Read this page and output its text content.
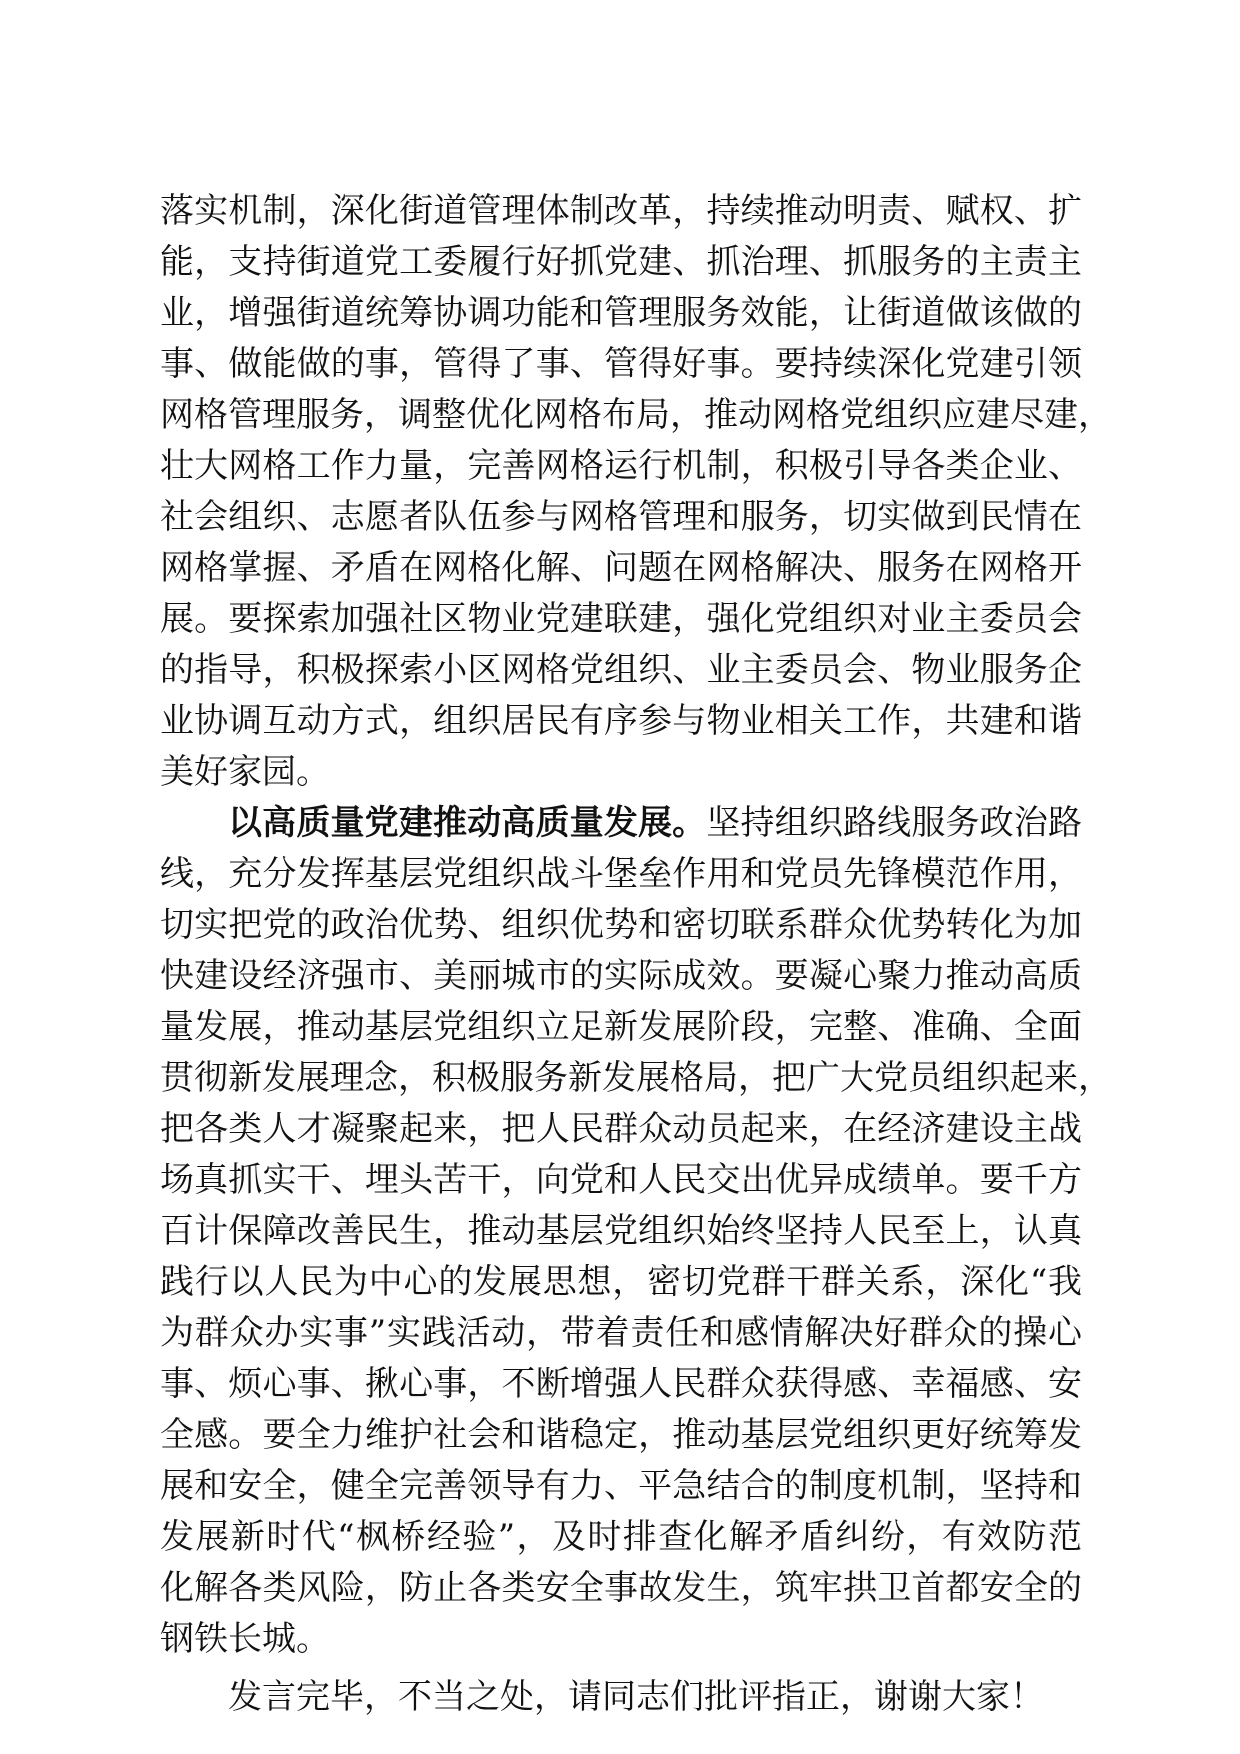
落实机制，深化街道管理体制改革，持续推动明责、赋权、扩
能，支持街道党工委履行好抓党建、抓治理、抓服务的主责主
业，增强街道统筹协调功能和管理服务效能，让街道做该做的
事、做能做的事，管得了事、管得好事。要持续深化党建引领
网格管理服务，调整优化网格布局，推动网格党组织应建尽建，
壮大网格工作力量，完善网格运行机制，积极引导各类企业、
社会组织、志愿者队伍参与网格管理和服务，切实做到民情在
网格掌握、矛盾在网格化解、问题在网格解决、服务在网格开
展。要探索加强社区物业党建联建，强化党组织对业主委员会
的指导，积极探索小区网格党组织、业主委员会、物业服务企
业协调互动方式，组织居民有序参与物业相关工作，共建和谐
美好家园。
以高质量党建推动高质量发展。坚持组织路线服务政治路
线，充分发挥基层党组织战斗堡垒作用和党员先锋模范作用，
切实把党的政治优势、组织优势和密切联系群众优势转化为加
快建设经济强市、美丽城市的实际成效。要凝心聚力推动高质
量发展，推动基层党组织立足新发展阶段，完整、准确、全面
贯彻新发展理念，积极服务新发展格局，把广大党员组织起来，
把各类人才凝聚起来，把人民群众动员起来，在经济建设主战
场真抓实干、埋头苦干，向党和人民交出优异成绩单。要千方
百计保障改善民生，推动基层党组织始终坚持人民至上，认真
践行以人民为中心的发展思想，密切党群干群关系，深化“我
为群众办实事”实践活动，带着责任和感情解决好群众的操心
事、烦心事、揪心事，不断增强人民群众获得感、幸福感、安
全感。要全力维护社会和谐稳定，推动基层党组织更好统筹发
展和安全，健全完善领导有力、平急结合的制度机制，坚持和
发展新时代“枫桥经验”，及时排查化解矛盾纠纷，有效防范
化解各类风险，防止各类安全事故发生，筑牢拱卫首都安全的
钢铁长城。
发言完毕，不当之处，请同志们批评指正，谢谢大家！
